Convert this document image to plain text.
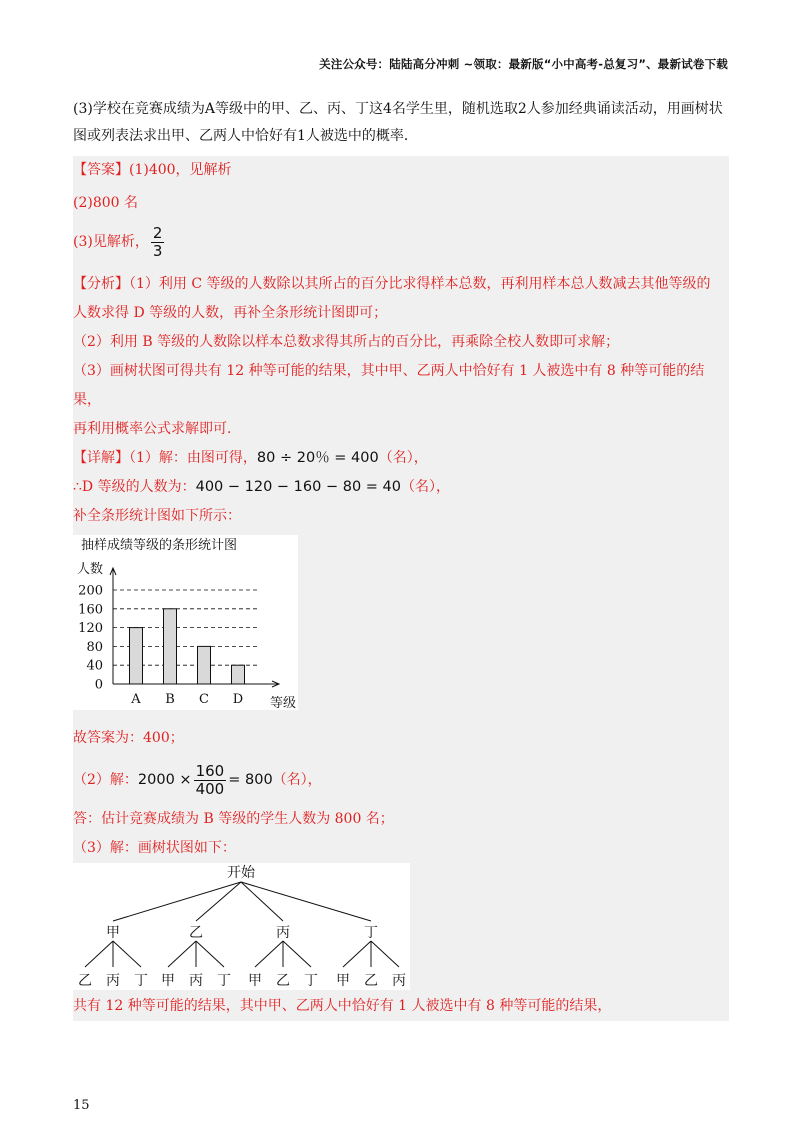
关注公众号：陆陆高分冲刺 ~领取：最新版“小中高考-总复习”、最新试卷下载

(3)学校在竞赛成绩为A等级中的甲、乙、丙、丁这4名学生里，随机选取2人参加经典诵读活动，用画树状图或列表法求出甲、乙两人中恰好有1人被选中的概率．

【答案】(1)400，见解析
(2)800 名
(3)见解析， $\frac{2}{3}$
【分析】（1）利用 C 等级的人数除以其所占的百分比求得样本总数，再利用样本总人数减去其他等级的
人数求得 D 等级的人数，再补全条形统计图即可；
（2）利用 B 等级的人数除以样本总数求得其所占的百分比，再乘除全校人数即可求解；
（3）画树状图可得共有 12 种等可能的结果，其中甲、乙两人中恰好有 1 人被选中有 8 种等可能的结果，
再利用概率公式求解即可.
【详解】（1）解：由图可得，80 ÷ 20％ = 400（名），
∴D 等级的人数为：400 − 120 − 160 − 80 = 40（名），
补全条形统计图如下所示：
抽样成绩等级的条形统计图
人数
0
40
80
120
160
200
A B C D 等级
故答案为：400；
（2）解： $2000 \times \frac{160}{400} = 800$ （名），
答：估计竞赛成绩为 B 等级的学生人数为 800 名；
（3）解：画树状图如下：
开始
甲
乙 丙 丁
乙
甲 丙 丁
丙
甲 乙 丁
丁
甲 乙 丙
共有 12 种等可能的结果，其中甲、乙两人中恰好有 1 人被选中有 8 种等可能的结果，
15
